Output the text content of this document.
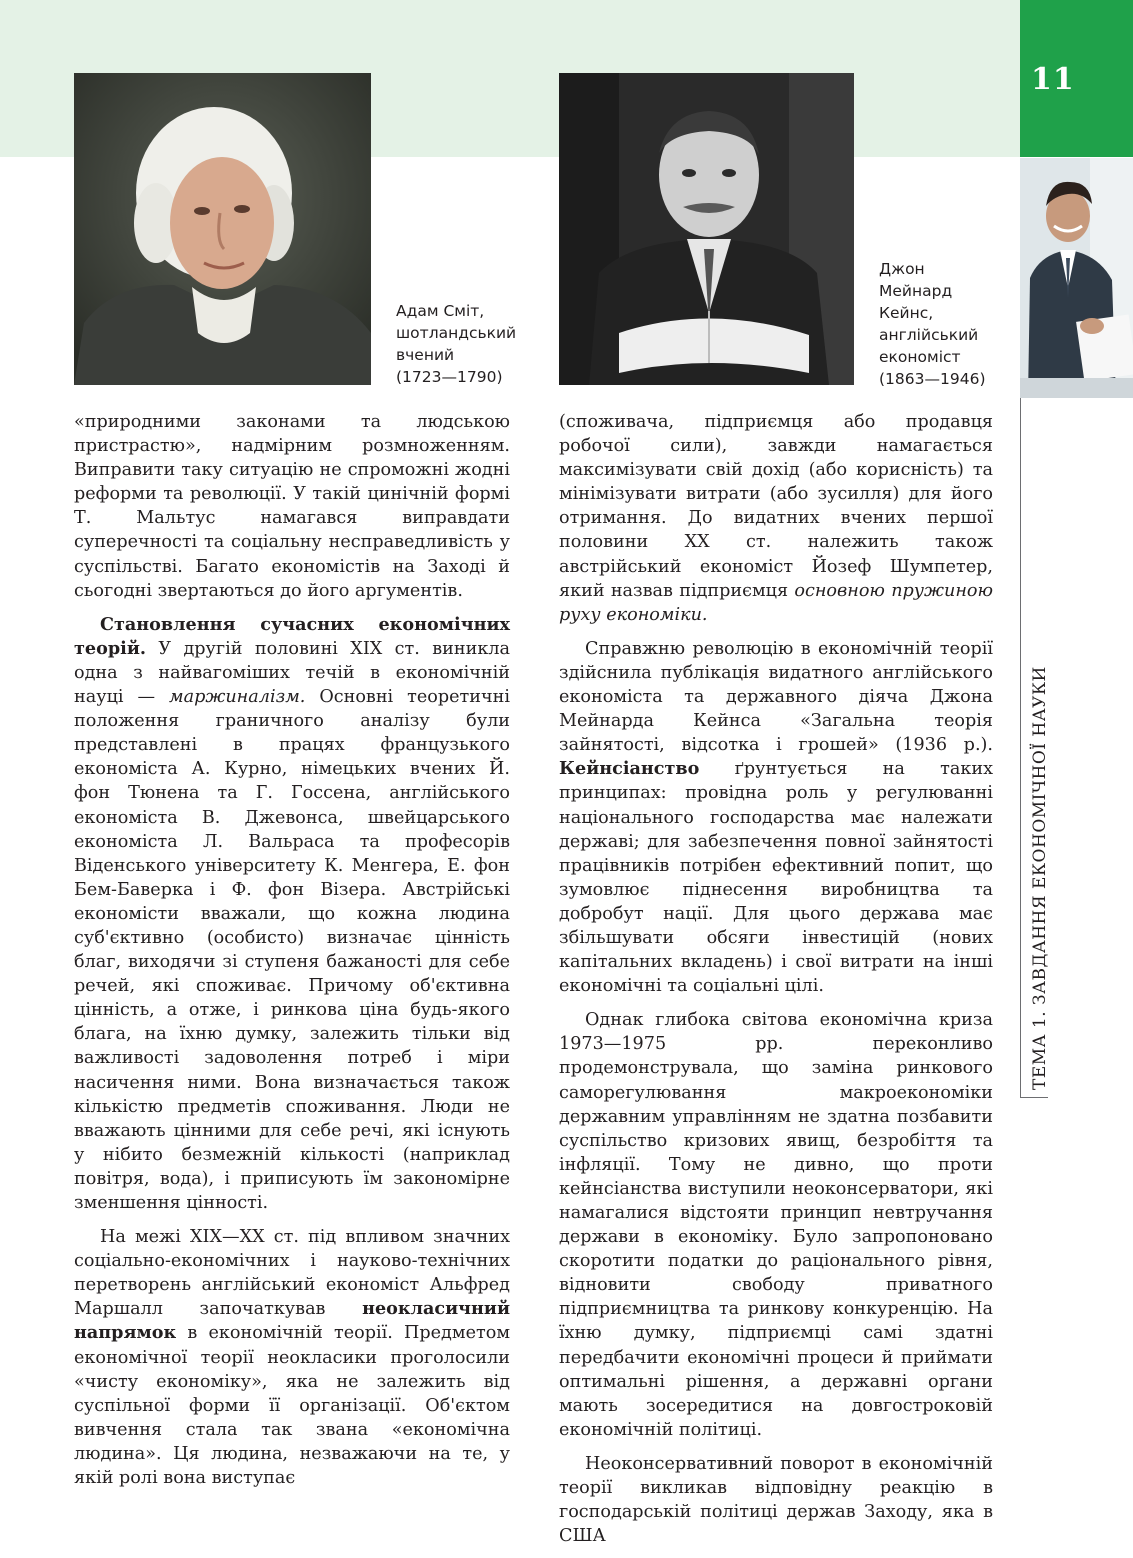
11
ТЕМА 1. ЗАВДАННЯ ЕКОНОМІЧНОЇ НАУКИ
Адам Сміт,
шотландський
вчений
(1723—1790)
Джон
Мейнард
Кейнс,
англійський
економіст
(1863—1946)

«природними законами та людською пристрастю», надмірним розмноженням. Виправити таку ситуацію не спроможні жодні реформи та революції. У такій цинічній формі Т. Мальтус намагався виправдати суперечності та соціальну несправедливість у суспільстві. Багато економістів на Заході й сьогодні звертаються до його аргументів.

Становлення сучасних економічних теорій. У другій половині XIX ст. виникла одна з найвагоміших течій в економічній науці — маржиналізм. Основні теоретичні положення граничного аналізу були представлені в працях французького економіста А. Курно, німецьких вчених Й. фон Тюнена та Г. Госсена, англійського економіста В. Джевонса, швейцарського економіста Л. Вальраса та професорів Віденського університету К. Менгера, Е. фон Бем-Баверка і Ф. фон Візера. Австрійські економісти вважали, що кожна людина суб'єктивно (особисто) визначає цінність благ, виходячи зі ступеня бажаності для себе речей, які споживає. Причому об'єктивна цінність, а отже, і ринкова ціна будь-якого блага, на їхню думку, залежить тільки від важливості задоволення потреб і міри насичення ними. Вона визначається також кількістю предметів споживання. Люди не вважають цінними для себе речі, які існують у нібито безмежній кількості (наприклад повітря, вода), і приписують їм закономірне зменшення цінності.

На межі XIX—XX ст. під впливом значних соціально-економічних і науково-технічних перетворень англійський економіст Альфред Маршалл започаткував неокласичний напрямок в економічній теорії. Предметом економічної теорії неокласики проголосили «чисту економіку», яка не залежить від суспільної форми її організації. Об'єктом вивчення стала так звана «економічна людина». Ця людина, незважаючи на те, у якій ролі вона виступає

(споживача, підприємця або продавця робочої сили), завжди намагається максимізувати свій дохід (або корисність) та мінімізувати витрати (або зусилля) для його отримання. До видатних вчених першої половини XX ст. належить також австрійський економіст Йозеф Шумпетер, який назвав підприємця основною пружиною руху економіки.

Справжню революцію в економічній теорії здійснила публікація видатного англійського економіста та державного діяча Джона Мейнарда Кейнса «Загальна теорія зайнятості, відсотка і грошей» (1936 р.). Кейнсіанство ґрунтується на таких принципах: провідна роль у регулюванні національного господарства має належати державі; для забезпечення повної зайнятості працівників потрібен ефективний попит, що зумовлює піднесення виробництва та добробут нації. Для цього держава має збільшувати обсяги інвестицій (нових капітальних вкладень) і свої витрати на інші економічні та соціальні цілі.

Однак глибока світова економічна криза 1973—1975 рр. переконливо продемонструвала, що заміна ринкового саморегулювання макроекономіки державним управлінням не здатна позбавити суспільство кризових явищ, безробіття та інфляції. Тому не дивно, що проти кейнсіанства виступили неоконсерватори, які намагалися відстояти принцип невтручання держави в економіку. Було запропоновано скоротити податки до раціонального рівня, відновити свободу приватного підприємництва та ринкову конкуренцію. На їхню думку, підприємці самі здатні передбачити економічні процеси й приймати оптимальні рішення, а державні органи мають зосередитися на довгостроковій економічній політиці.

Неоконсервативний поворот в економічній теорії викликав відповідну реакцію в господарській політиці держав Заходу, яка в США
